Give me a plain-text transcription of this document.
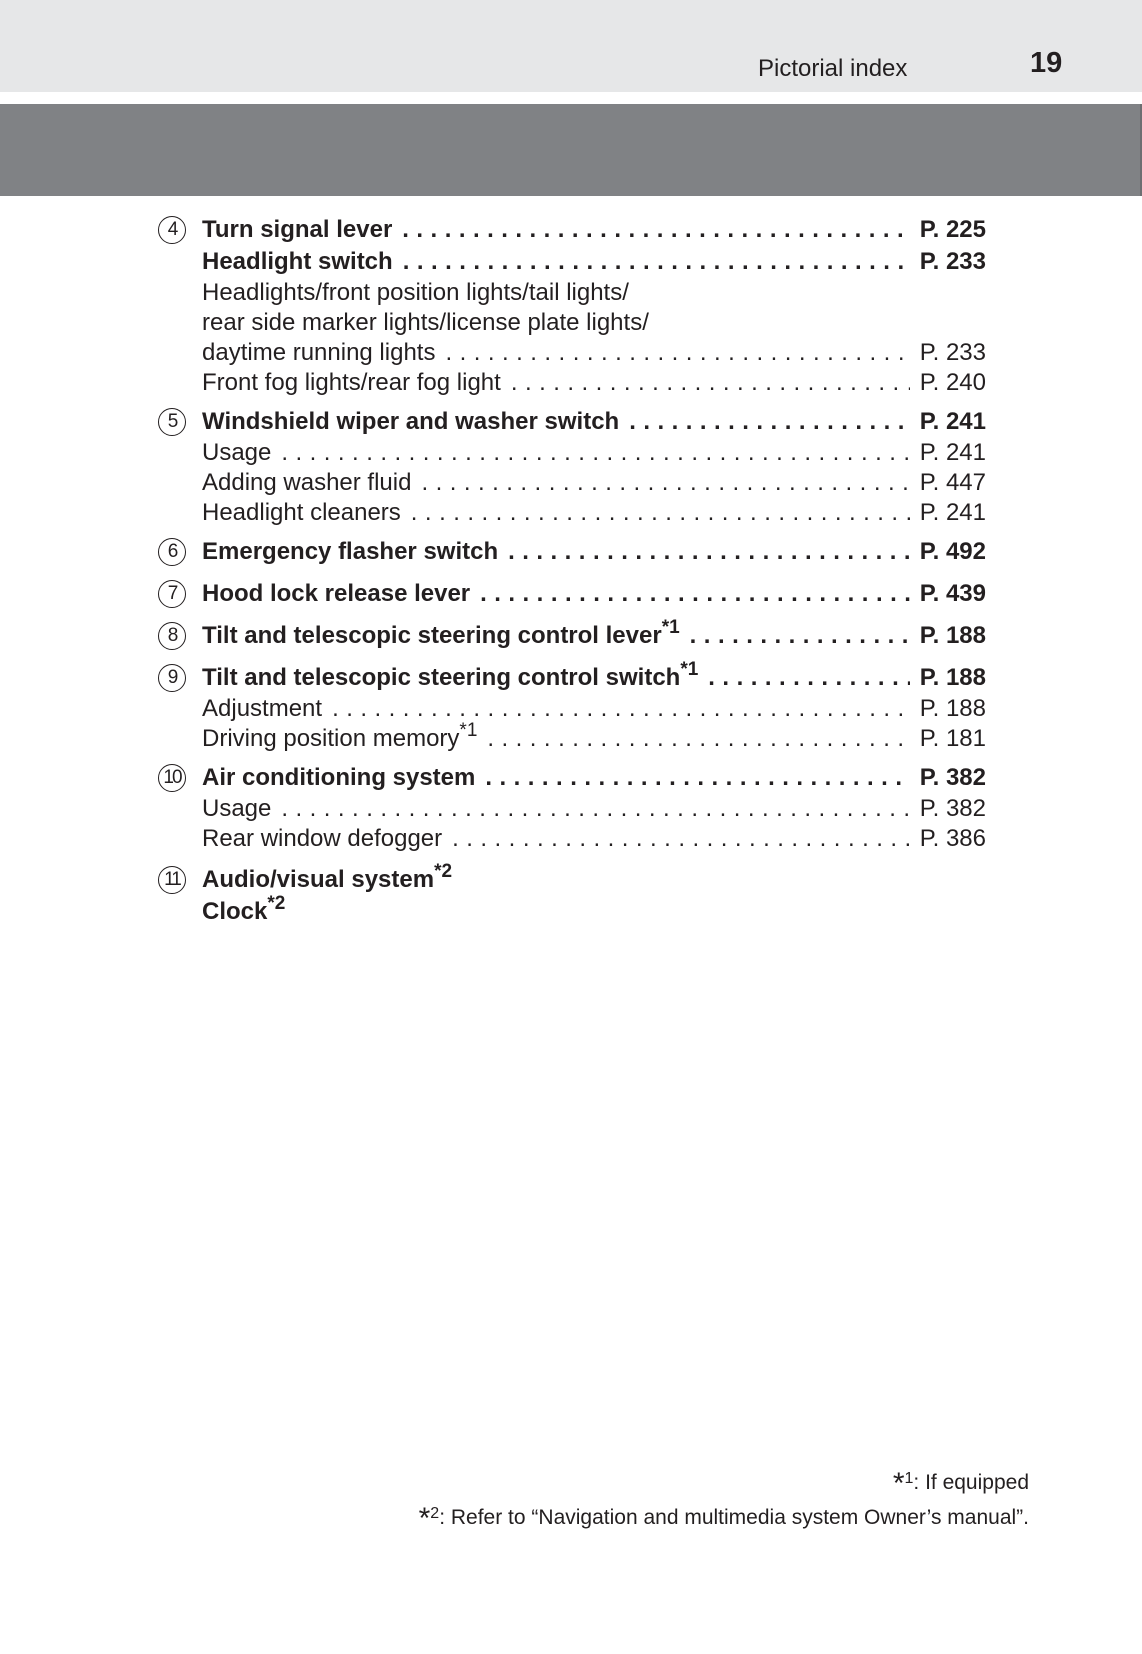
Pictorial index	19
4	Turn signal lever . . .	P. 225
Headlight switch . . .	P. 233
Headlights/front position lights/tail lights/
rear side marker lights/license plate lights/
daytime running lights . . .	P. 233
Front fog lights/rear fog light . . .	P. 240
5	Windshield wiper and washer switch . . .	P. 241
Usage . . .	P. 241
Adding washer fluid . . .	P. 447
Headlight cleaners . . .	P. 241
6	Emergency flasher switch . . .	P. 492
7	Hood lock release lever . . .	P. 439
8	Tilt and telescopic steering control lever$^{*1}$ . . .	P. 188
9	Tilt and telescopic steering control switch$^{*1}$ . . .	P. 188
Adjustment . . .	P. 188
Driving position memory$^{*1}$ . . .	P. 181
10 Air conditioning system . . .	P. 382
Usage . . .	P. 382
Rear window defogger . . .	P. 386
11 Audio/visual system$^{*2}$
Clock$^{*2}$
*$^1$: If equipped
*$^2$: Refer to “Navigation and multimedia system Owner’s manual”.
